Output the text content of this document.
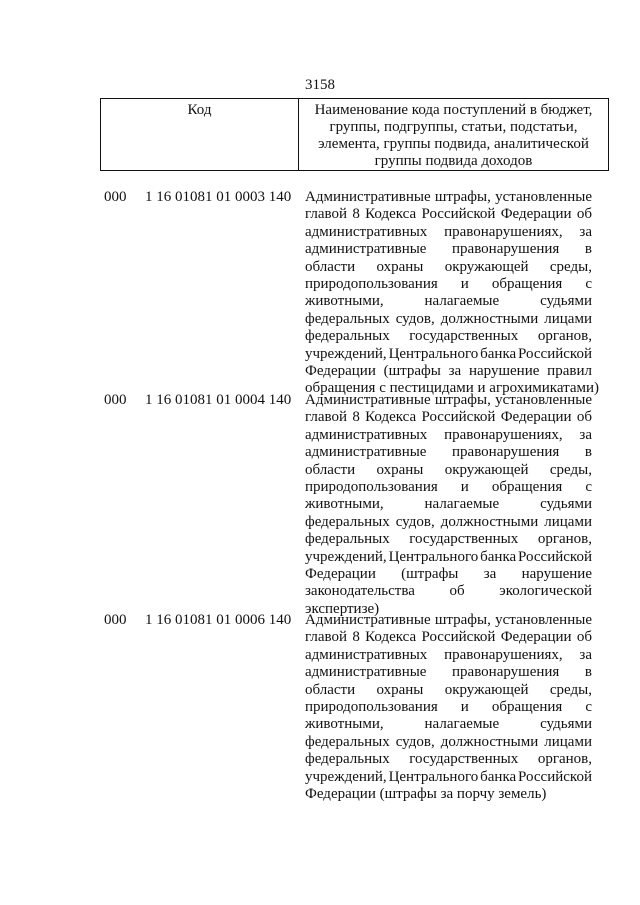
3158
Код	Наименование кода поступлений в бюджет,
группы, подгруппы, статьи, подстатьи,
элемента, группы подвида, аналитической
группы подвида доходов
000 1 16 01081 01 0003 140 Административные штрафы, установленные
главой 8 Кодекса Российской Федерации об
административных правонарушениях, за
административные правонарушения в
области охраны окружающей среды,
природопользования и обращения с
животными,	налагаемые	судьями
федеральных судов, должностными лицами
федеральных государственных органов,
учреждений, Центрального банка Российской
Федерации (штрафы за нарушение правил
обращения с пестицидами и агрохимикатами)
000 1 16 01081 01 0004 140 Административные штрафы, установленные
главой 8 Кодекса Российской Федерации об
административных правонарушениях, за
административные правонарушения в
области охраны окружающей среды,
природопользования и обращения с
животными,	налагаемые	судьями
федеральных судов, должностными лицами
федеральных государственных органов,
учреждений, Центрального банка Российской
Федерации (штрафы за нарушение
законодательства об экологической
экспертизе)
000 1 16 01081 01 0006 140 Административные штрафы, установленные
главой 8 Кодекса Российской Федерации об
административных правонарушениях, за
административные правонарушения в
области охраны окружающей среды,
природопользования и обращения с
животными,	налагаемые	судьями
федеральных судов, должностными лицами
федеральных государственных органов,
учреждений, Центрального банка Российской
Федерации (штрафы за порчу земель)
